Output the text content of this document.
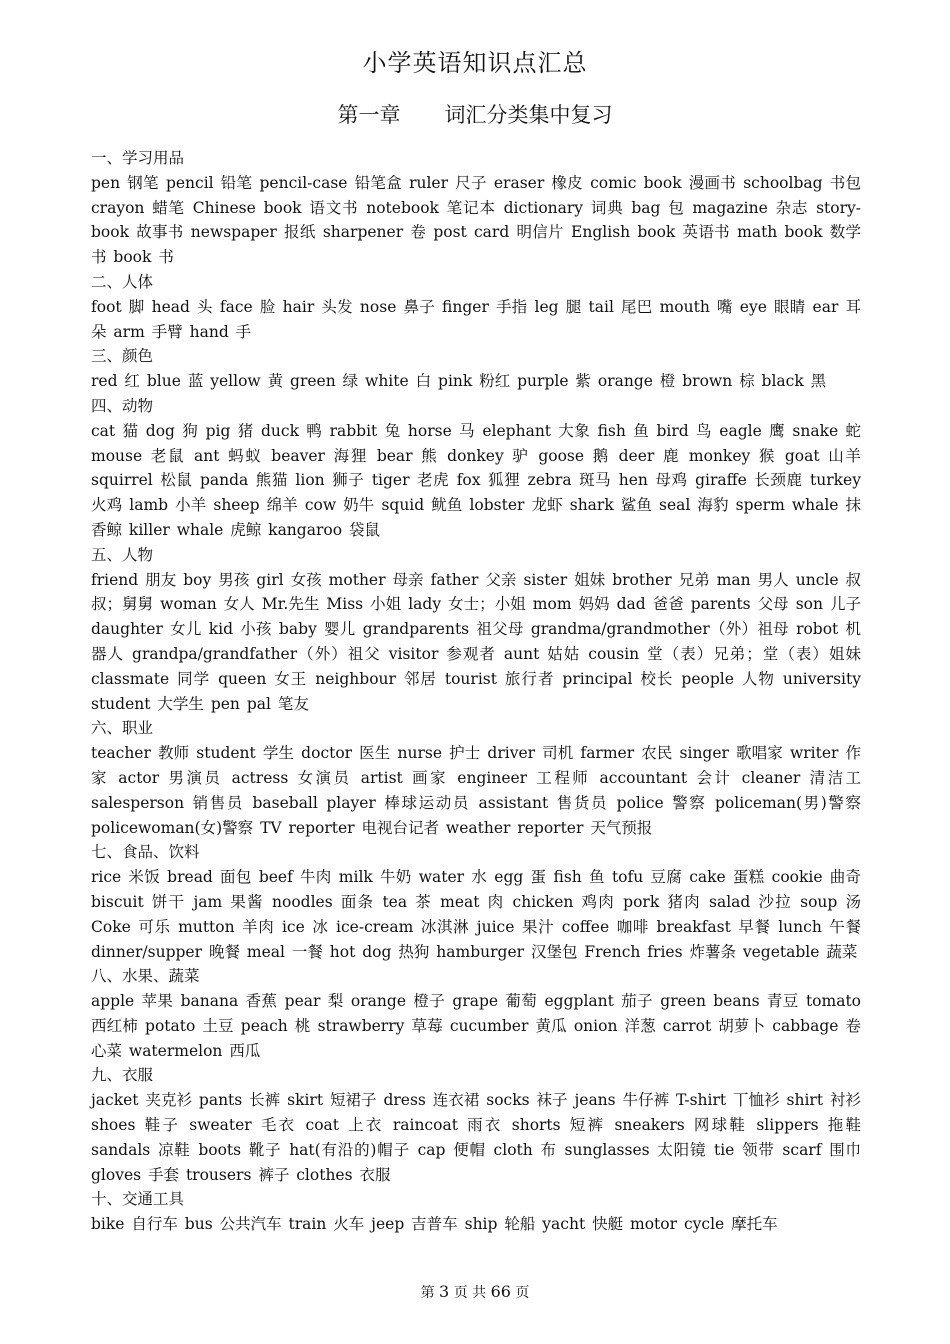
小学英语知识点汇总
第一章 词汇分类集中复习
一、学习用品
pen 钢笔 pencil 铅笔 pencil-case 铅笔盒 ruler 尺子 eraser 橡皮 comic book 漫画书 schoolbag 书包 crayon 蜡笔 Chinese book 语文书 notebook 笔记本 dictionary 词典 bag 包 magazine 杂志 story-book 故事书 newspaper 报纸 sharpener 卷 post card 明信片 English book 英语书 math book 数学书 book 书
二、人体
foot 脚 head 头 face 脸 hair 头发 nose 鼻子 finger 手指 leg 腿 tail 尾巴 mouth 嘴 eye 眼睛 ear 耳朵 arm 手臂 hand 手
三、颜色
red 红 blue 蓝 yellow 黄 green 绿 white 白 pink 粉红 purple 紫 orange 橙 brown 棕 black 黑
四、动物
cat 猫 dog 狗 pig 猪 duck 鸭 rabbit 兔 horse 马 elephant 大象 fish 鱼 bird 鸟 eagle 鹰 snake 蛇 mouse 老鼠 ant 蚂蚁 beaver 海狸 bear 熊 donkey 驴 goose 鹅 deer 鹿 monkey 猴 goat 山羊 squirrel 松鼠 panda 熊猫 lion 狮子 tiger 老虎 fox 狐狸 zebra 斑马 hen 母鸡 giraffe 长颈鹿 turkey 火鸡 lamb 小羊 sheep 绵羊 cow 奶牛 squid 鱿鱼 lobster 龙虾 shark 鲨鱼 seal 海豹 sperm whale 抹香鲸 killer whale 虎鲸 kangaroo 袋鼠
五、人物
friend 朋友 boy 男孩 girl 女孩 mother 母亲 father 父亲 sister 姐妹 brother 兄弟 man 男人 uncle 叔叔；舅舅 woman 女人 Mr.先生 Miss 小姐 lady 女士；小姐 mom 妈妈 dad 爸爸 parents 父母 son 儿子 daughter 女儿 kid 小孩 baby 婴儿 grandparents 祖父母 grandma/grandmother（外）祖母 robot 机器人 grandpa/grandfather（外）祖父 visitor 参观者 aunt 姑姑 cousin 堂（表）兄弟；堂（表）姐妹 classmate 同学 queen 女王 neighbour 邻居 tourist 旅行者 principal 校长 people 人物 university student 大学生 pen pal 笔友
六、职业
teacher 教师 student 学生 doctor 医生 nurse 护士 driver 司机 farmer 农民 singer 歌唱家 writer 作家 actor 男演员 actress 女演员 artist 画家 engineer 工程师 accountant 会计 cleaner 清洁工 salesperson 销售员 baseball player 棒球运动员 assistant 售货员 police 警察 policeman(男)警察 policewoman(女)警察 TV reporter 电视台记者 weather reporter 天气预报
七、食品、饮料
rice 米饭 bread 面包 beef 牛肉 milk 牛奶 water 水 egg 蛋 fish 鱼 tofu 豆腐 cake 蛋糕 cookie 曲奇 biscuit 饼干 jam 果酱 noodles 面条 tea 茶 meat 肉 chicken 鸡肉 pork 猪肉 salad 沙拉 soup 汤 Coke 可乐 mutton 羊肉 ice 冰 ice-cream 冰淇淋 juice 果汁 coffee 咖啡 breakfast 早餐 lunch 午餐 dinner/supper 晚餐 meal 一餐 hot dog 热狗 hamburger 汉堡包 French fries 炸薯条 vegetable 蔬菜
八、水果、蔬菜
apple 苹果 banana 香蕉 pear 梨 orange 橙子 grape 葡萄 eggplant 茄子 green beans 青豆 tomato 西红柿 potato 土豆 peach 桃 strawberry 草莓 cucumber 黄瓜 onion 洋葱 carrot 胡萝卜 cabbage 卷心菜 watermelon 西瓜
九、衣服
jacket 夹克衫 pants 长裤 skirt 短裙子 dress 连衣裙 socks 袜子 jeans 牛仔裤 T-shirt 丅恤衫 shirt 衬衫 shoes 鞋子 sweater 毛衣 coat 上衣 raincoat 雨衣 shorts 短裤 sneakers 网球鞋 slippers 拖鞋 sandals 凉鞋 boots 靴子 hat(有沿的)帽子 cap 便帽 cloth 布 sunglasses 太阳镜 tie 领带 scarf 围巾 gloves 手套 trousers 裤子 clothes 衣服
十、交通工具
bike 自行车 bus 公共汽车 train 火车 jeep 吉普车 ship 轮船 yacht 快艇 motor cycle 摩托车
第 3 页 共 66 页
